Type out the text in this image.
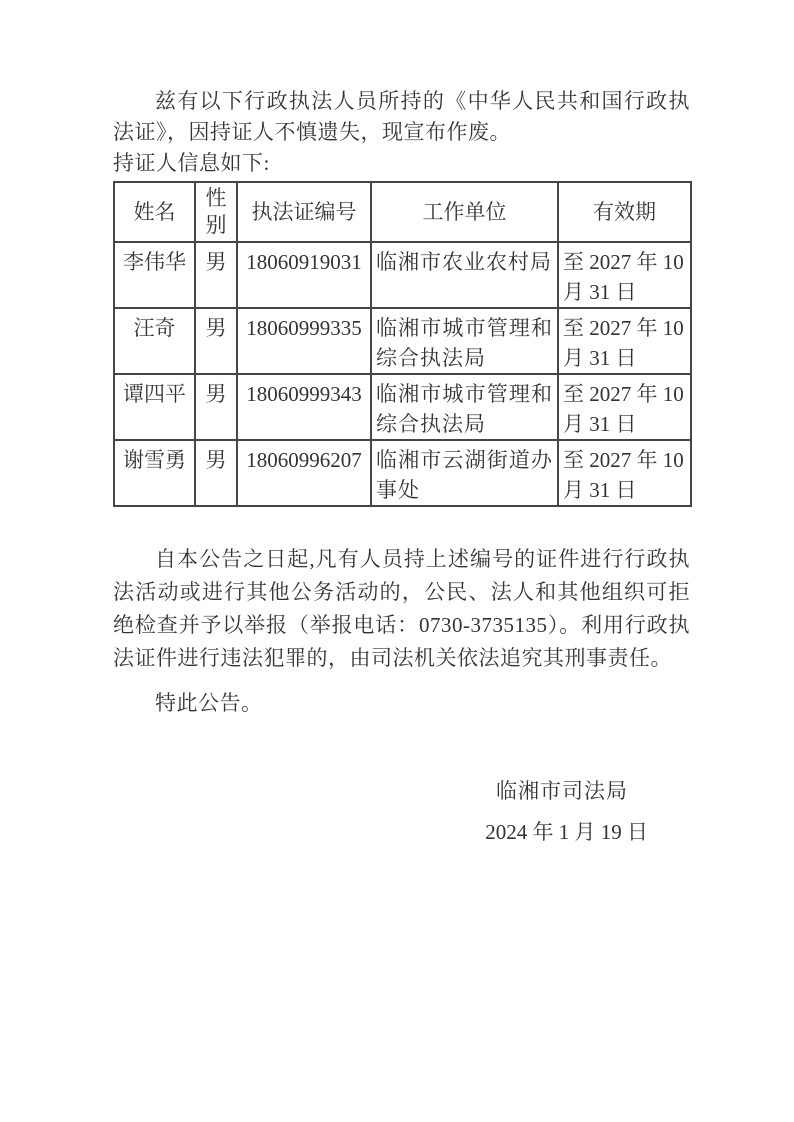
兹有以下行政执法人员所持的《中华人民共和国行政执法证》，因持证人不慎遗失，现宣布作废。

持证人信息如下:

姓名	性别	执法证编号	工作单位	有效期
李伟华	男	18060919031	临湘市农业农村局	至 2027 年 10 月 31 日
汪奇	男	18060999335	临湘市城市管理和综合执法局	至 2027 年 10 月 31 日
谭四平	男	18060999343	临湘市城市管理和综合执法局	至 2027 年 10 月 31 日
谢雪勇	男	18060996207	临湘市云湖街道办事处	至 2027 年 10 月 31 日

自本公告之日起,凡有人员持上述编号的证件进行行政执法活动或进行其他公务活动的，公民、法人和其他组织可拒绝检查并予以举报（举报电话：0730-3735135）。利用行政执法证件进行违法犯罪的，由司法机关依法追究其刑事责任。

特此公告。

临湘市司法局

2024 年 1 月 19 日
